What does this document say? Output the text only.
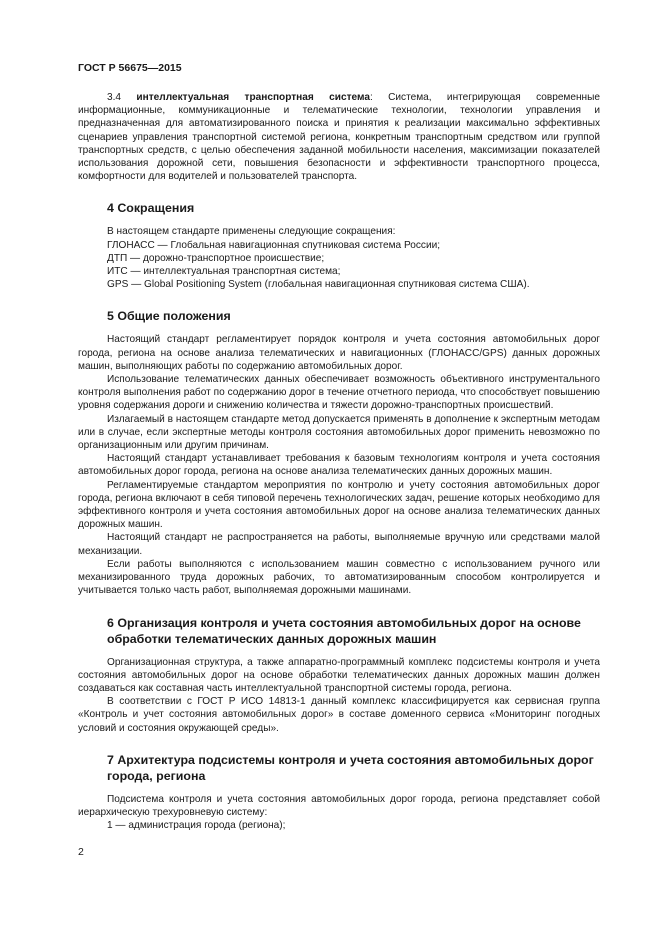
ГОСТ Р 56675—2015

3.4 интеллектуальная транспортная система: Система, интегрирующая современные информационные, коммуникационные и телематические технологии, технологии управления и предназначенная для автоматизированного поиска и принятия к реализации максимально эффективных сценариев управления транспортной системой региона, конкретным транспортным средством или группой транспортных средств, с целью обеспечения заданной мобильности населения, максимизации показателей использования дорожной сети, повышения безопасности и эффективности транспортного процесса, комфортности для водителей и пользователей транспорта.

4 Сокращения

В настоящем стандарте применены следующие сокращения:

ГЛОНАСС — Глобальная навигационная спутниковая система России;

ДТП — дорожно-транспортное происшествие;

ИТС — интеллектуальная транспортная система;

GPS — Global Positioning System (глобальная навигационная спутниковая система США).

5 Общие положения

Настоящий стандарт регламентирует порядок контроля и учета состояния автомобильных дорог города, региона на основе анализа телематических и навигационных (ГЛОНАСС/GPS) данных дорожных машин, выполняющих работы по содержанию автомобильных дорог.

Использование телематических данных обеспечивает возможность объективного инструментального контроля выполнения работ по содержанию дорог в течение отчетного периода, что способствует повышению уровня содержания дороги и снижению количества и тяжести дорожно-транспортных происшествий.

Излагаемый в настоящем стандарте метод допускается применять в дополнение к экспертным методам или в случае, если экспертные методы контроля состояния автомобильных дорог применить невозможно по организационным или другим причинам.

Настоящий стандарт устанавливает требования к базовым технологиям контроля и учета состояния автомобильных дорог города, региона на основе анализа телематических данных дорожных машин.

Регламентируемые стандартом мероприятия по контролю и учету состояния автомобильных дорог города, региона включают в себя типовой перечень технологических задач, решение которых необходимо для эффективного контроля и учета состояния автомобильных дорог на основе анализа телематических данных дорожных машин.

Настоящий стандарт не распространяется на работы, выполняемые вручную или средствами малой механизации.

Если работы выполняются с использованием машин совместно с использованием ручного или механизированного труда дорожных рабочих, то автоматизированным способом контролируется и учитывается только часть работ, выполняемая дорожными машинами.

6 Организация контроля и учета состояния автомобильных дорог на основе обработки телематических данных дорожных машин

Организационная структура, а также аппаратно-программный комплекс подсистемы контроля и учета состояния автомобильных дорог на основе обработки телематических данных дорожных машин должен создаваться как составная часть интеллектуальной транспортной системы города, региона.

В соответствии с ГОСТ Р ИСО 14813-1 данный комплекс классифицируется как сервисная группа «Контроль и учет состояния автомобильных дорог» в составе доменного сервиса «Мониторинг погодных условий и состояния окружающей среды».

7 Архитектура подсистемы контроля и учета состояния автомобильных дорог города, региона

Подсистема контроля и учета состояния автомобильных дорог города, региона представляет собой иерархическую трехуровневую систему:

1 — администрация города (региона);

2
